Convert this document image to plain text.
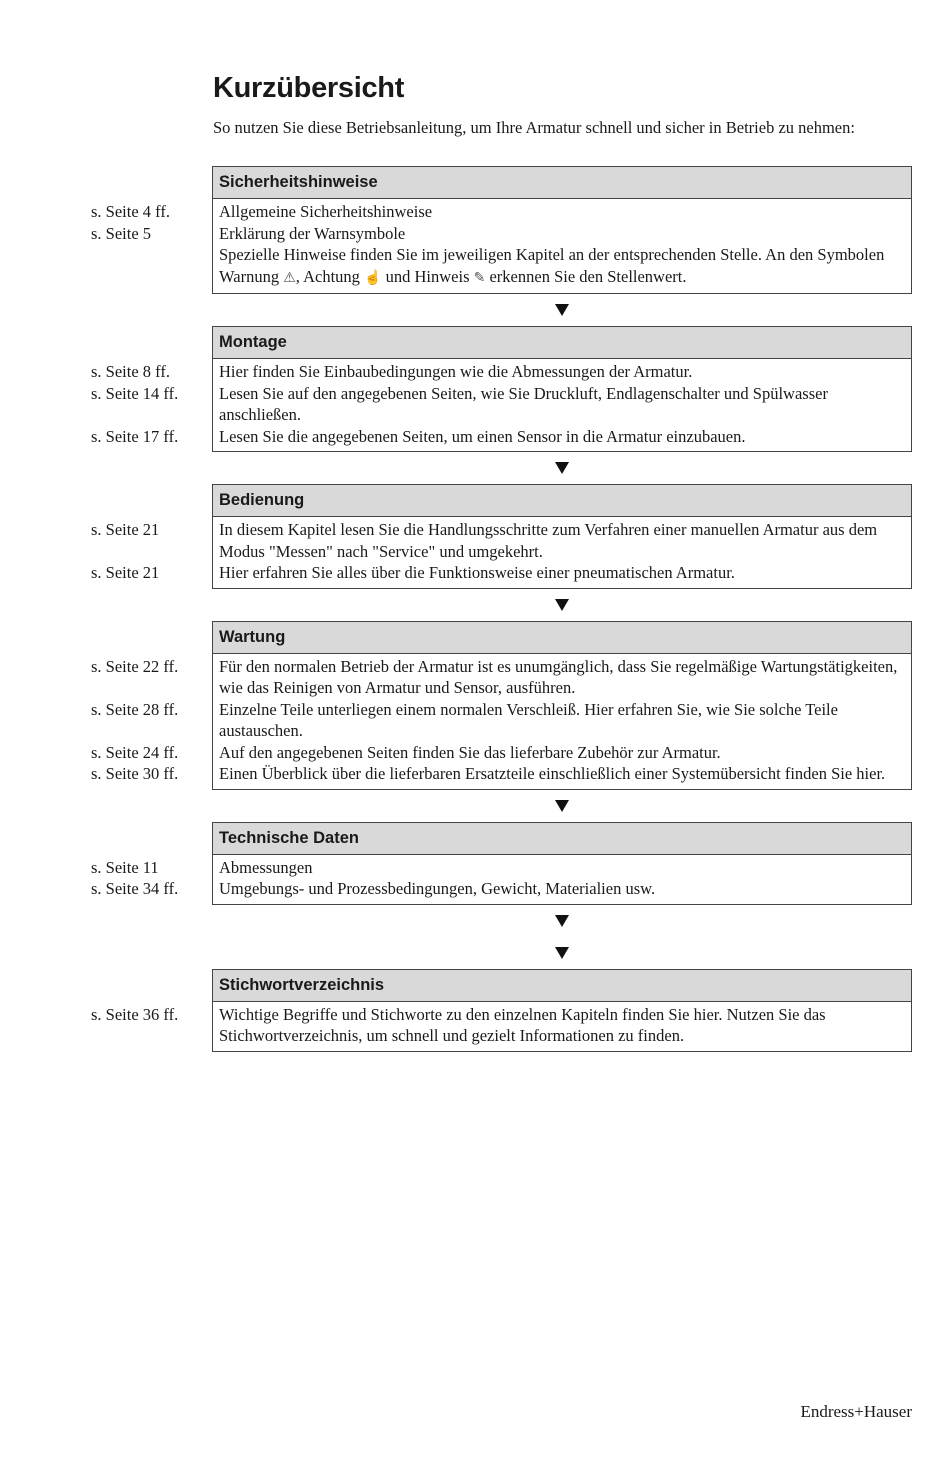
Kurzübersicht

So nutzen Sie diese Betriebsanleitung, um Ihre Armatur schnell und sicher in Betrieb zu nehmen:

Sicherheitshinweise
s. Seite 4 ff.	Allgemeine Sicherheitshinweise
s. Seite 5	Erklärung der Warnsymbole
Spezielle Hinweise finden Sie im jeweiligen Kapitel an der entsprechenden Stelle. An den Symbolen Warnung ⚠, Achtung ☝ und Hinweis ✎ erkennen Sie den Stellenwert.
Montage
s. Seite 8 ff.	Hier finden Sie Einbaubedingungen wie die Abmessungen der Armatur.
s. Seite 14 ff.	Lesen Sie auf den angegebenen Seiten, wie Sie Druckluft, Endlagenschalter und Spülwasser anschließen.
s. Seite 17 ff.	Lesen Sie die angegebenen Seiten, um einen Sensor in die Armatur einzubauen.
Bedienung
s. Seite 21	In diesem Kapitel lesen Sie die Handlungsschritte zum Verfahren einer manuellen Armatur aus dem Modus "Messen" nach "Service" und umgekehrt.
s. Seite 21	Hier erfahren Sie alles über die Funktionsweise einer pneumatischen Armatur.
Wartung
s. Seite 22 ff.	Für den normalen Betrieb der Armatur ist es unumgänglich, dass Sie regelmäßige Wartungstätigkeiten, wie das Reinigen von Armatur und Sensor, ausführen.
s. Seite 28 ff.	Einzelne Teile unterliegen einem normalen Verschleiß. Hier erfahren Sie, wie Sie solche Teile austauschen.
s. Seite 24 ff.	Auf den angegebenen Seiten finden Sie das lieferbare Zubehör zur Armatur.
s. Seite 30 ff.	Einen Überblick über die lieferbaren Ersatzteile einschließlich einer Systemübersicht finden Sie hier.
Technische Daten
s. Seite 11	Abmessungen
s. Seite 34 ff.	Umgebungs- und Prozessbedingungen, Gewicht, Materialien usw.
Stichwortverzeichnis
s. Seite 36 ff.	Wichtige Begriffe und Stichworte zu den einzelnen Kapiteln finden Sie hier. Nutzen Sie das Stichwortverzeichnis, um schnell und gezielt Informationen zu finden.
Endress+Hauser
